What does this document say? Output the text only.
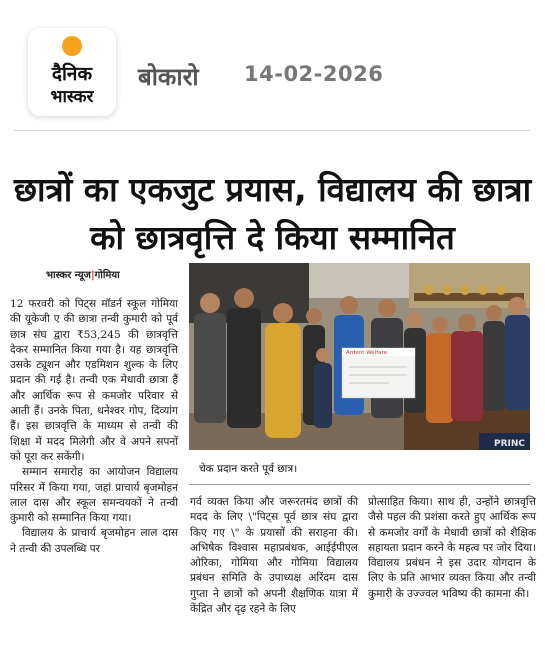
दैनिक
भास्कर
बोकारो 14-02-2026
छात्रों का एकजुट प्रयास, विद्यालय की छात्रा को छात्रवृत्ति दे किया सम्मानित
भास्कर न्यूज|गोमिया

12 फरवरी को पिट्स मॉडर्न स्कूल गोमिया की यूकेजी ए की छात्रा तन्वी कुमारी को पूर्व छात्र संघ द्वारा ₹53,245 की छात्रवृत्ति देकर सम्मानित किया गया है। यह छात्रवृत्ति उसके ट्यूशन और एडमिशन शुल्क के लिए प्रदान की गई है। तन्वी एक मेधावी छात्रा हैं और आर्थिक रूप से कमजोर परिवार से आती हैं। उनके पिता, धनेश्वर गोप, दिव्यांग हैं। इस छात्रवृत्ति के माध्यम से तन्वी की शिक्षा में मदद मिलेगी और वे अपने सपनों को पूरा कर सकेंगी।

सम्मान समारोह का आयोजन विद्यालय परिसर में किया गया, जहां प्राचार्य बृजमोहन लाल दास और स्कूल समन्वयकों ने तन्वी कुमारी को सम्मानित किया गया।

विद्यालय के प्राचार्य बृजमोहन लाल दास ने तन्वी की उपलब्धि पर

Ardent Welfare
PRINC
चेक प्रदान करते पूर्व छात्र।

गर्व व्यक्त किया और जरूरतमंद छात्रों की मदद के लिए \"पिट्स पूर्व छात्र संघ द्वारा किए गए \" के प्रयासों की सराहना की। अभिषेक विश्वास महाप्रबंधक, आईईपीएल ओरिका, गोमिया और गोमिया विद्यालय प्रबंधन समिति के उपाध्यक्ष अरिंदम दास गुप्ता ने छात्रों को अपनी शैक्षणिक यात्रा में केंद्रित और दृढ़ रहने के लिए

प्रोत्साहित किया। साथ ही, उन्होंने छात्रवृत्ति जैसे पहल की प्रशंसा करते हुए आर्थिक रूप से कमजोर वर्गों के मेधावी छात्रों को शैक्षिक सहायता प्रदान करने के महत्व पर जोर दिया। विद्यालय प्रबंधन ने इस उदार योगदान के लिए के प्रति आभार व्यक्त किया और तन्वी कुमारी के उज्ज्वल भविष्य की कामना की।
